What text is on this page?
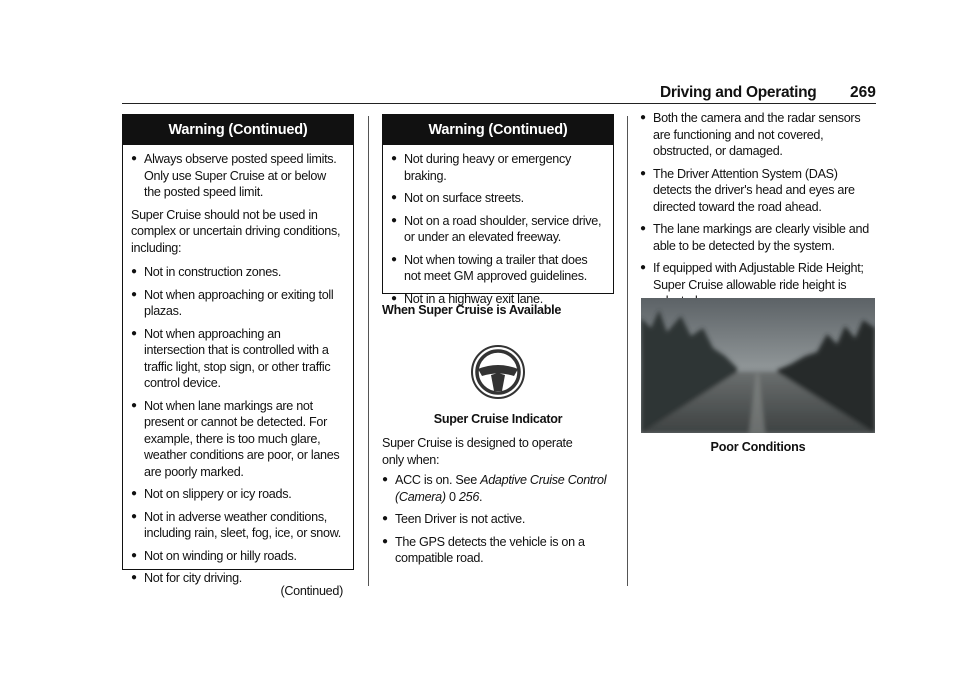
Driving and Operating 269
Warning (Continued)
● Always observe posted speed limits. Only use Super Cruise at or below the posted speed limit.
Super Cruise should not be used in complex or uncertain driving conditions, including:
● Not in construction zones.
● Not when approaching or exiting toll plazas.
● Not when approaching an intersection that is controlled with a traffic light, stop sign, or other traffic control device.
● Not when lane markings are not present or cannot be detected. For example, there is too much glare, weather conditions are poor, or lanes are poorly marked.
● Not on slippery or icy roads.
● Not in adverse weather conditions, including rain, sleet, fog, ice, or snow.
● Not on winding or hilly roads.
● Not for city driving.
(Continued)
Warning (Continued)
● Not during heavy or emergency braking.
● Not on surface streets.
● Not on a road shoulder, service drive, or under an elevated freeway.
● Not when towing a trailer that does not meet GM approved guidelines.
● Not in a highway exit lane.
When Super Cruise is Available
Super Cruise Indicator
Super Cruise is designed to operate only when:
● ACC is on. See Adaptive Cruise Control (Camera) 0 256.
● Teen Driver is not active.
● The GPS detects the vehicle is on a compatible road.
● Both the camera and the radar sensors are functioning and not covered, obstructed, or damaged.
● The Driver Attention System (DAS) detects the driver's head and eyes are directed toward the road ahead.
● The lane markings are clearly visible and able to be detected by the system.
● If equipped with Adjustable Ride Height; Super Cruise allowable ride height is
Poor Conditions
